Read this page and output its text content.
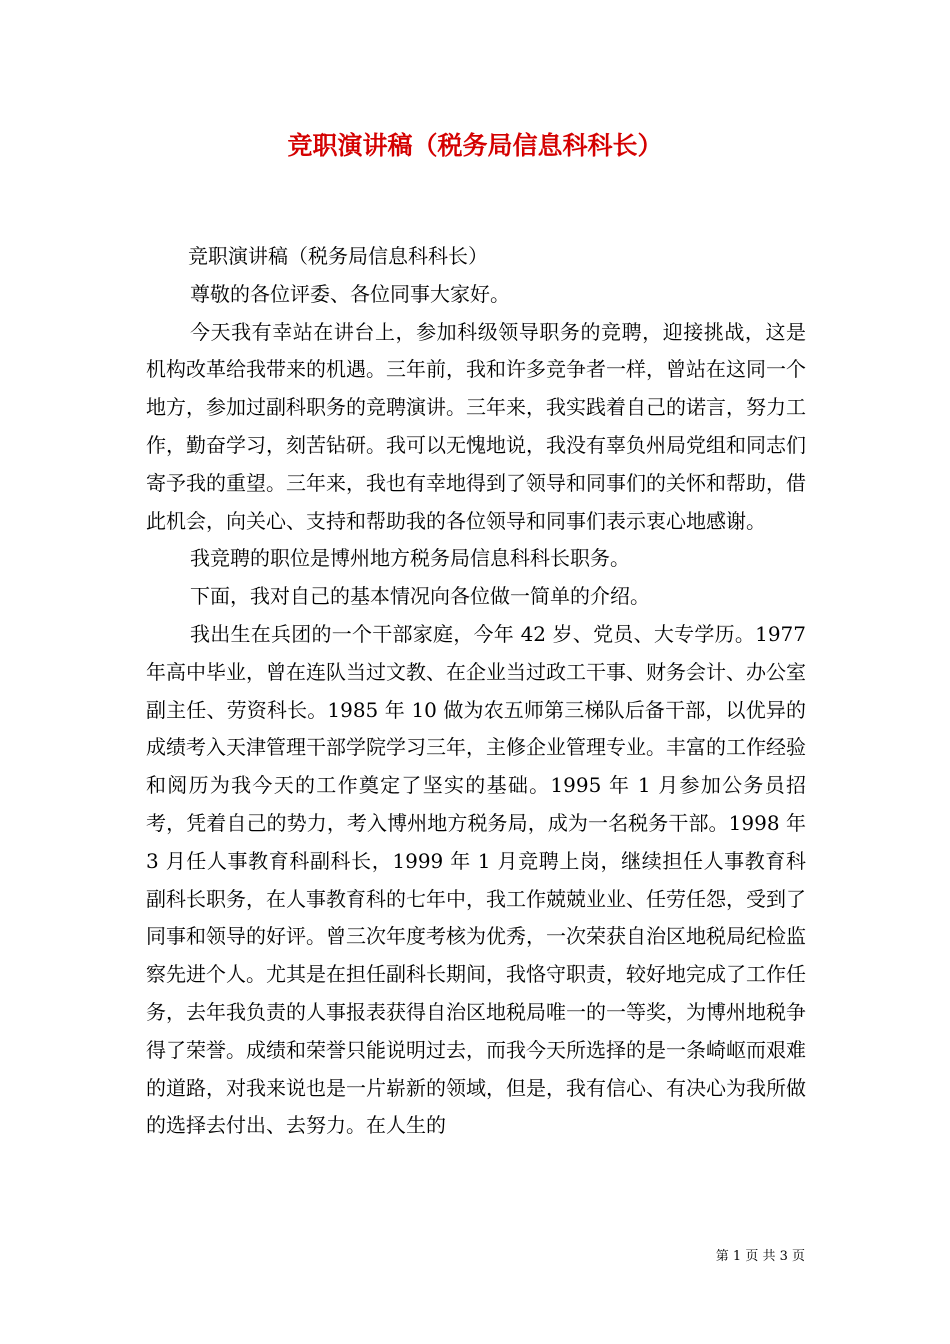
竞职演讲稿（税务局信息科科长）

竞职演讲稿（税务局信息科科长）

尊敬的各位评委、各位同事大家好。

今天我有幸站在讲台上，参加科级领导职务的竞聘，迎接挑战，这是机构改革给我带来的机遇。三年前，我和许多竞争者一样，曾站在这同一个地方，参加过副科职务的竞聘演讲。三年来，我实践着自己的诺言，努力工作，勤奋学习，刻苦钻研。我可以无愧地说，我没有辜负州局党组和同志们寄予我的重望。三年来，我也有幸地得到了领导和同事们的关怀和帮助，借此机会，向关心、支持和帮助我的各位领导和同事们表示衷心地感谢。

我竞聘的职位是博州地方税务局信息科科长职务。

下面，我对自己的基本情况向各位做一简单的介绍。

我出生在兵团的一个干部家庭，今年 42 岁、党员、大专学历。1977 年高中毕业，曾在连队当过文教、在企业当过政工干事、财务会计、办公室副主任、劳资科长。1985 年 10 做为农五师第三梯队后备干部，以优异的成绩考入天津管理干部学院学习三年，主修企业管理专业。丰富的工作经验和阅历为我今天的工作奠定了坚实的基础。1995 年 1 月参加公务员招考，凭着自己的势力，考入博州地方税务局，成为一名税务干部。1998 年 3 月任人事教育科副科长，1999 年 1 月竞聘上岗，继续担任人事教育科副科长职务，在人事教育科的七年中，我工作兢兢业业、任劳任怨，受到了同事和领导的好评。曾三次年度考核为优秀，一次荣获自治区地税局纪检监察先进个人。尤其是在担任副科长期间，我恪守职责，较好地完成了工作任务，去年我负责的人事报表获得自治区地税局唯一的一等奖，为博州地税争得了荣誉。成绩和荣誉只能说明过去，而我今天所选择的是一条崎岖而艰难的道路，对我来说也是一片崭新的领域，但是，我有信心、有决心为我所做的选择去付出、去努力。在人生的

第 1 页 共 3 页
